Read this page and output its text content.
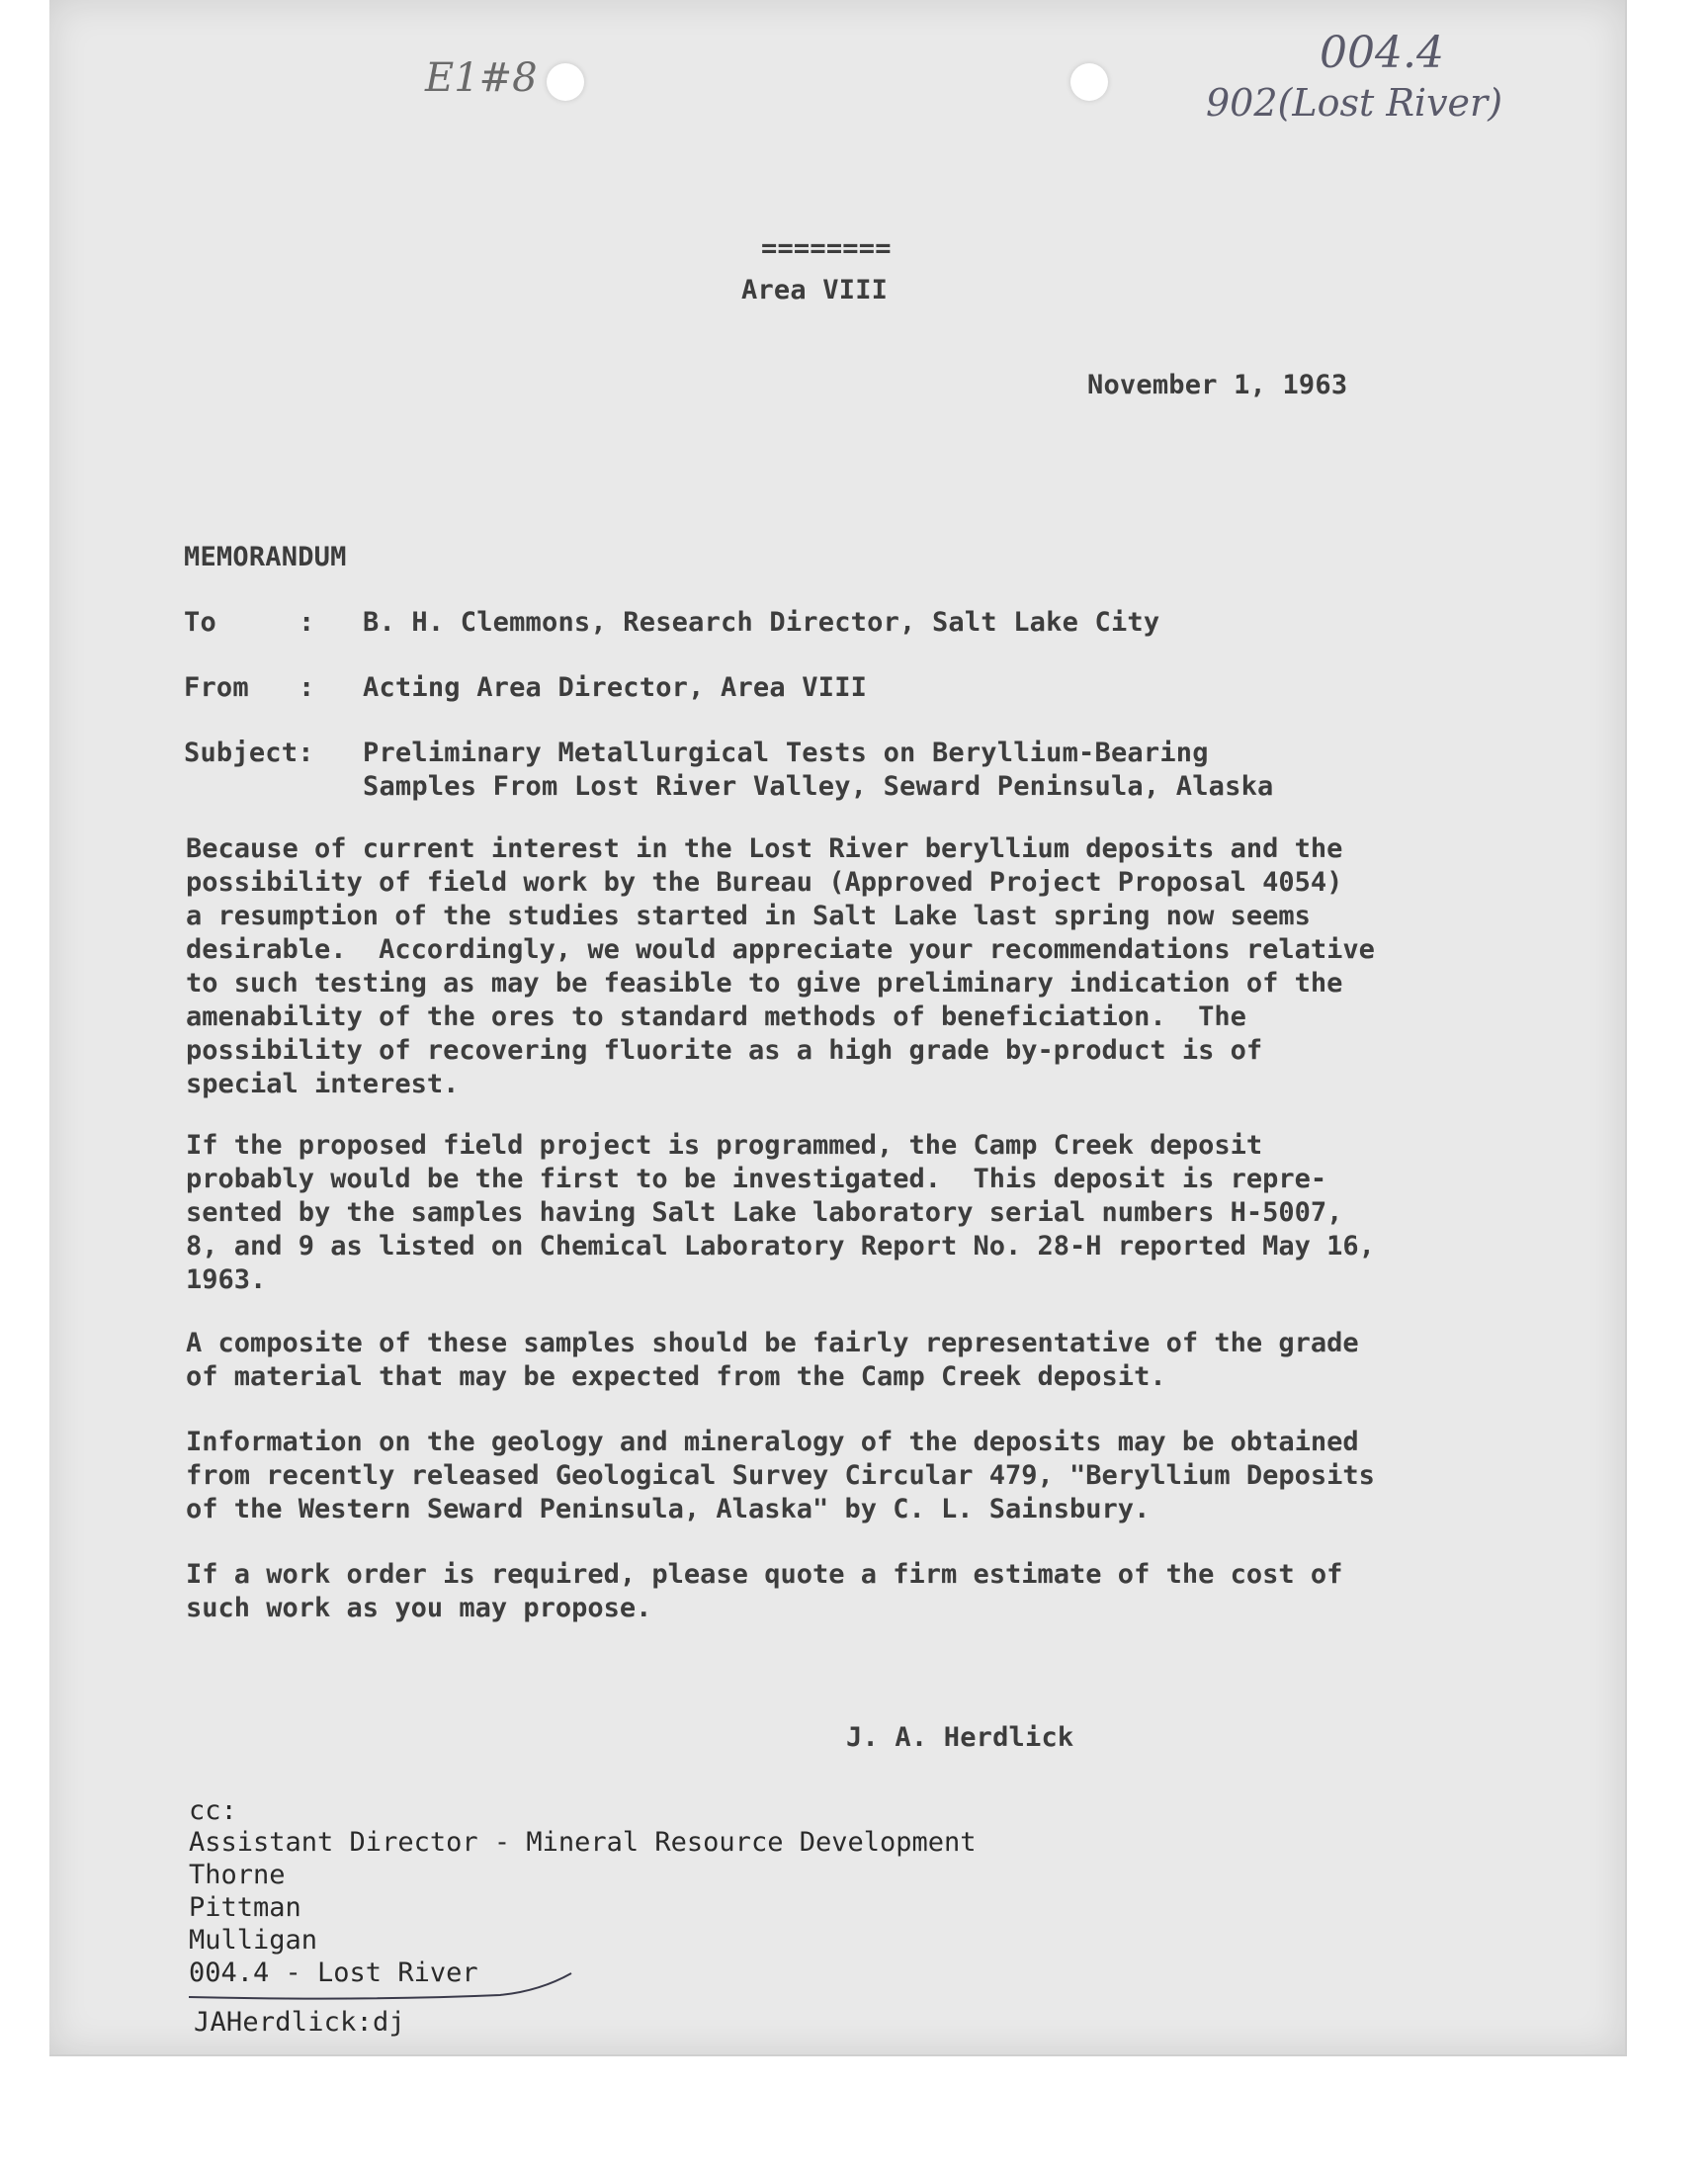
E1#8	004.4
902(Lost River)
========
Area VIII
November 1, 1963
MEMORANDUM
To	: B. H. Clemmons, Research Director, Salt Lake City
From : Acting Area Director, Area VIII
Subject: Preliminary Metallurgical Tests on Beryllium-Bearing
Samples From Lost River Valley, Seward Peninsula, Alaska
Because of current interest in the Lost River beryllium deposits and the
possibility of field work by the Bureau (Approved Project Proposal 4054)
a resumption of the studies started in Salt Lake last spring now seems
desirable.  Accordingly, we would appreciate your recommendations relative
to such testing as may be feasible to give preliminary indication of the
amenability of the ores to standard methods of beneficiation.  The
possibility of recovering fluorite as a high grade by-product is of
special interest.
If the proposed field project is programmed, the Camp Creek deposit
probably would be the first to be investigated.  This deposit is repre-
sented by the samples having Salt Lake laboratory serial numbers H-5007,
8, and 9 as listed on Chemical Laboratory Report No. 28-H reported May 16,
1963.
A composite of these samples should be fairly representative of the grade
of material that may be expected from the Camp Creek deposit.
Information on the geology and mineralogy of the deposits may be obtained
from recently released Geological Survey Circular 479, "Beryllium Deposits
of the Western Seward Peninsula, Alaska" by C. L. Sainsbury.
If a work order is required, please quote a firm estimate of the cost of
such work as you may propose.
J. A. Herdlick
cc:
Assistant Director - Mineral Resource Development
Thorne
Pittman
Mulligan
004.4 - Lost River
JAHerdlick:dj
